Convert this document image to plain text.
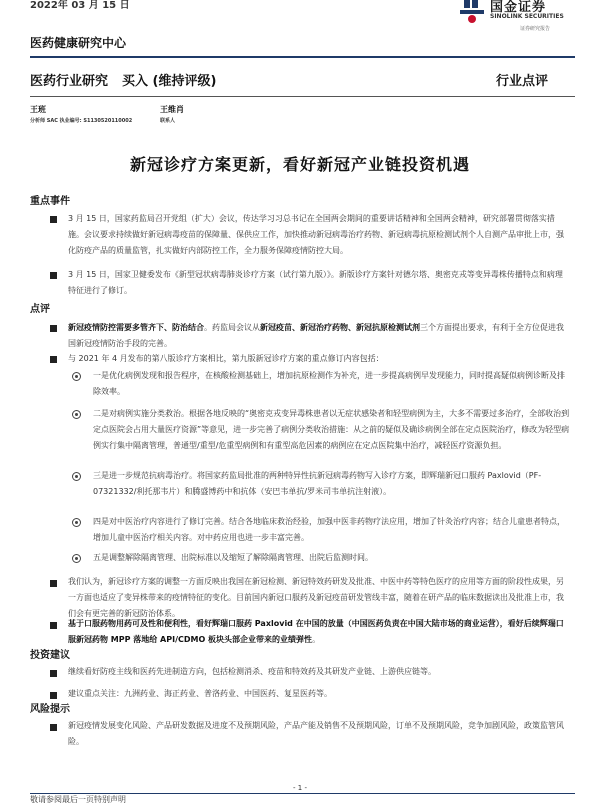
2022年 03 月 15 日	国金证券
SINOLINK SECURITIES
证券研究报告
医药健康研究中心
医药行业研究 买入 (维持评级)	行业点评
王班
分析师 SAC 执业编号: S1130520110002
王维肖
联系人
新冠诊疗方案更新，看好新冠产业链投资机遇
重点事件

3 月 15 日，国家药监局召开党组（扩大）会议，传达学习习总书记在全国两会期间的重要讲话精神和全国两会精神，研究部署贯彻落实措施。会议要求持续做好新冠病毒疫苗的保障量、保供应工作，加快推动新冠病毒治疗药物、新冠病毒抗原检测试剂个人自测产品审批上市，强化防疫产品的质量监管，扎实做好内部防控工作，全力服务保障疫情防控大局。

3 月 15 日，国家卫健委发布《新型冠状病毒肺炎诊疗方案（试行第九版）》。新版诊疗方案针对德尔塔、奥密克戎等变异毒株传播特点和病理特征进行了修订。

点评

新冠疫情防控需要多管齐下、防治结合。药监局会议从新冠疫苗、新冠治疗药物、新冠抗原检测试剂三个方面提出要求，有利于全方位促进我国新冠疫情防治手段的完善。

与 2021 年 4 月发布的第八版诊疗方案相比，第九版新冠诊疗方案的重点修订内容包括：

一是优化病例发现和报告程序，在核酸检测基础上，增加抗原检测作为补充，进一步提高病例早发现能力，同时提高疑似病例诊断及排除效率。

二是对病例实施分类救治。根据各地反映的“奥密克戎变异毒株患者以无症状感染者和轻型病例为主，大多不需要过多治疗，全部收治到定点医院会占用大量医疗资源”等意见，进一步完善了病例分类收治措施：从之前的疑似及确诊病例全部在定点医院治疗，修改为轻型病例实行集中隔离管理，普通型/重型/危重型病例和有重型高危因素的病例应在定点医院集中治疗，减轻医疗资源负担。

三是进一步规范抗病毒治疗。将国家药监局批准的两种特异性抗新冠病毒药物写入诊疗方案，即辉瑞新冠口服药 Paxlovid（PF-07321332/利托那韦片）和腾盛博药中和抗体（安巴韦单抗/罗米司韦单抗注射液）。

四是对中医治疗内容进行了修订完善。结合各地临床救治经验，加强中医非药物疗法应用，增加了针灸治疗内容；结合儿童患者特点，增加儿童中医治疗相关内容。对中药应用也进一步丰富完善。

五是调整解除隔离管理、出院标准以及缩短了解除隔离管理、出院后监测时间。

我们认为，新冠诊疗方案的调整一方面反映出我国在新冠检测、新冠特效药研发及批准、中医中药等特色医疗的应用等方面的阶段性成果，另一方面也适应了变异株带来的疫情特征的变化。目前国内新冠口服药及新冠疫苗研发管线丰富，随着在研产品的临床数据读出及批准上市，我们会有更完善的新冠防治体系。

基于口服药物用药可及性和便利性，看好辉瑞口服药 Paxlovid 在中国的放量（中国医药负责在中国大陆市场的商业运营），看好后续辉瑞口服新冠药物 MPP 落地给 API/CDMO 板块头部企业带来的业绩弹性。

投资建议

继续看好防疫主线和医药先进制造方向，包括检测消杀、疫苗和特效药及其研发产业链、上游供应链等。

建议重点关注：九洲药业、海正药业、普洛药业、中国医药、复星医药等。

风险提示

新冠疫情发展变化风险、产品研发数据及进度不及预期风险，产品产能及销售不及预期风险，订单不及预期风险，竞争加剧风险，政策监管风险。

- 1 -
敬请参阅最后一页特别声明
